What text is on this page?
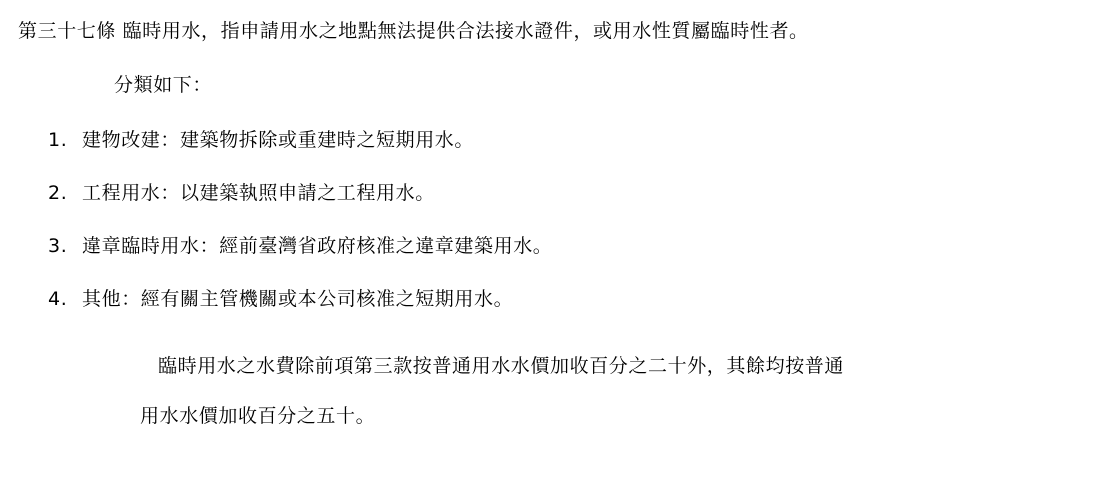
第三十七條 臨時用水，指申請用水之地點無法提供合法接水證件，或用水性質屬臨時性者。
分類如下：
1. 建物改建：建築物拆除或重建時之短期用水。
2. 工程用水：以建築執照申請之工程用水。
3. 違章臨時用水：經前臺灣省政府核准之違章建築用水。
4. 其他：經有關主管機關或本公司核准之短期用水。
臨時用水之水費除前項第三款按普通用水水價加收百分之二十外，其餘均按普通
用水水價加收百分之五十。
